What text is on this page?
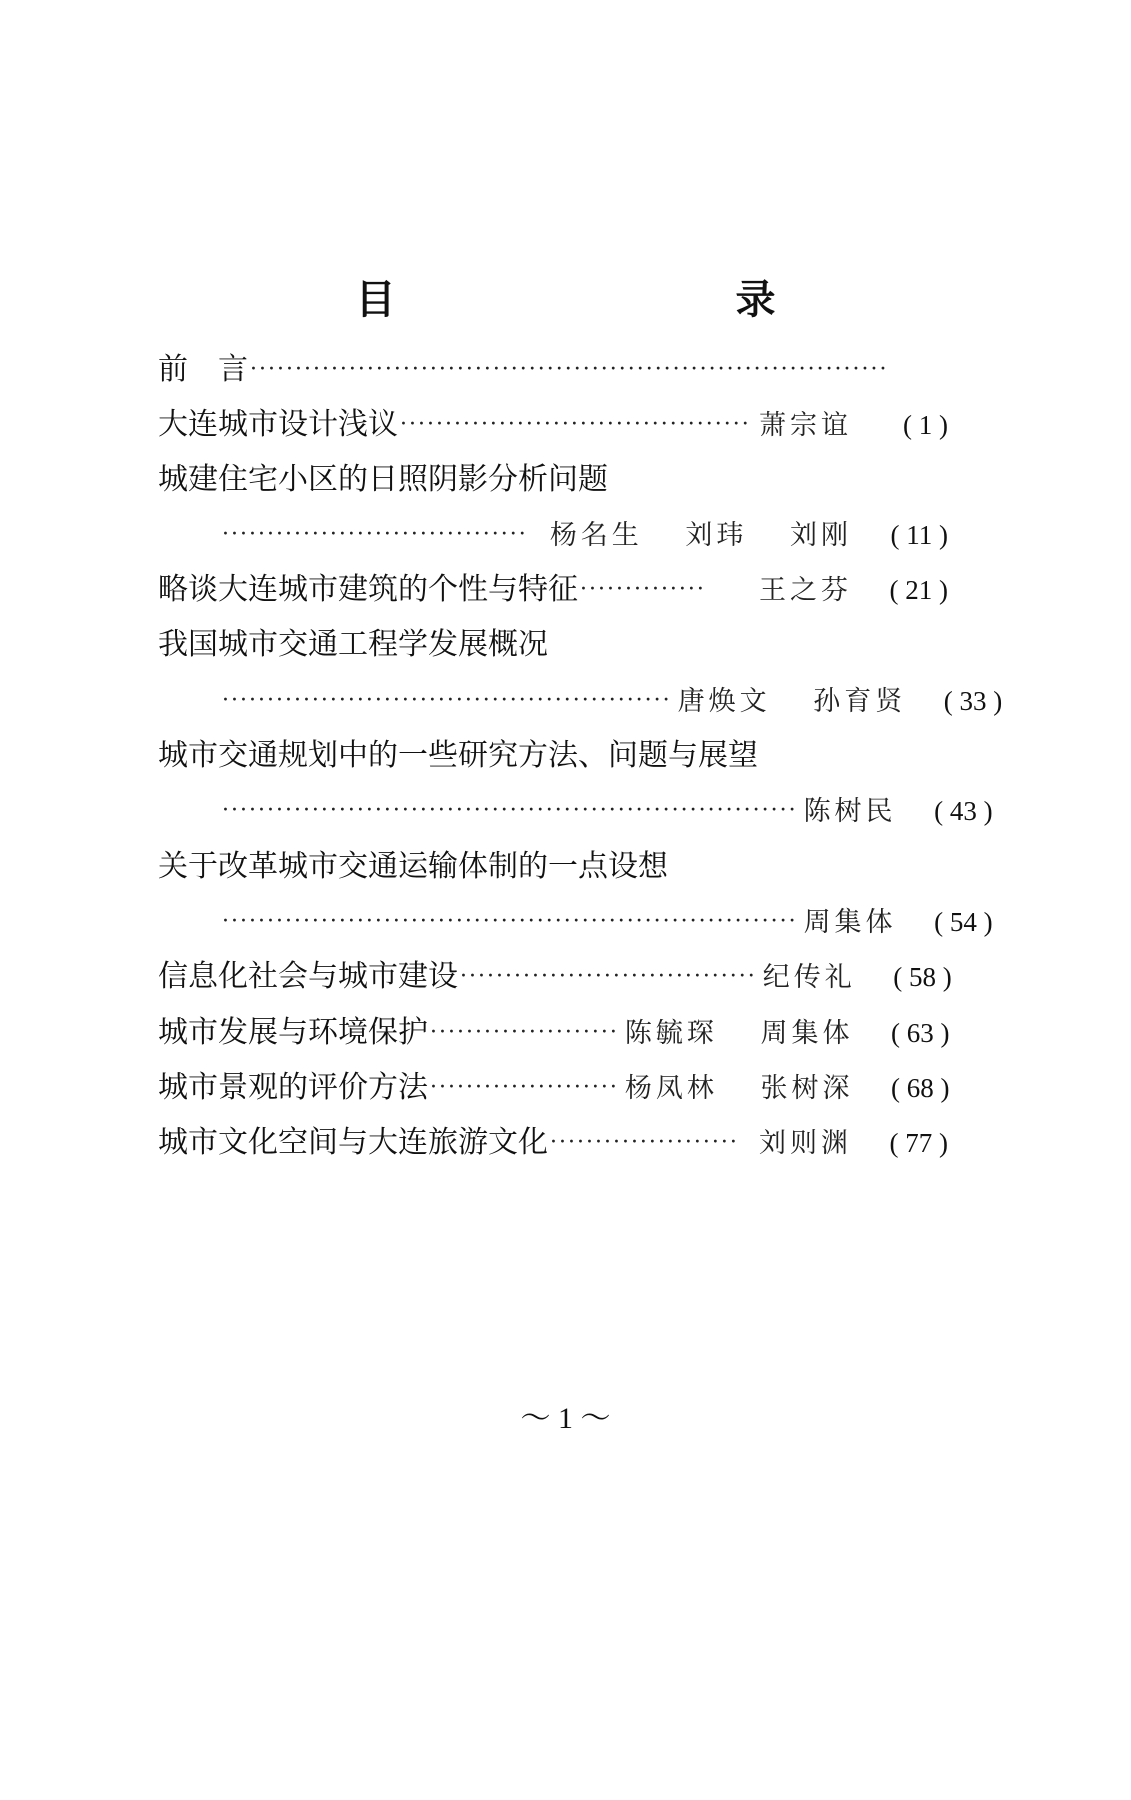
目　录
前　言 ·······································································
大连城市设计浅议 ······································· 萧宗谊	( 1 )
城建住宅小区的日照阴影分析问题
·································· 杨名生 刘玮 刘刚	( 11 )
略谈大连城市建筑的个性与特征 ··············	王之芬	( 21 )
我国城市交通工程学发展概况
·················································· 唐焕文 孙育贤	( 33 )
城市交通规划中的一些研究方法、问题与展望
································································ 陈树民	( 43 )
关于改革城市交通运输体制的一点设想
································································ 周集体	( 54 )
信息化社会与城市建设 ································· 纪传礼	( 58 )
城市发展与环境保护 ····················· 陈毓琛 周集体	( 63 )
城市景观的评价方法 ····················· 杨凤林 张树深	( 68 )
城市文化空间与大连旅游文化 ····················· 刘则渊	( 77 )
～ 1 ～
